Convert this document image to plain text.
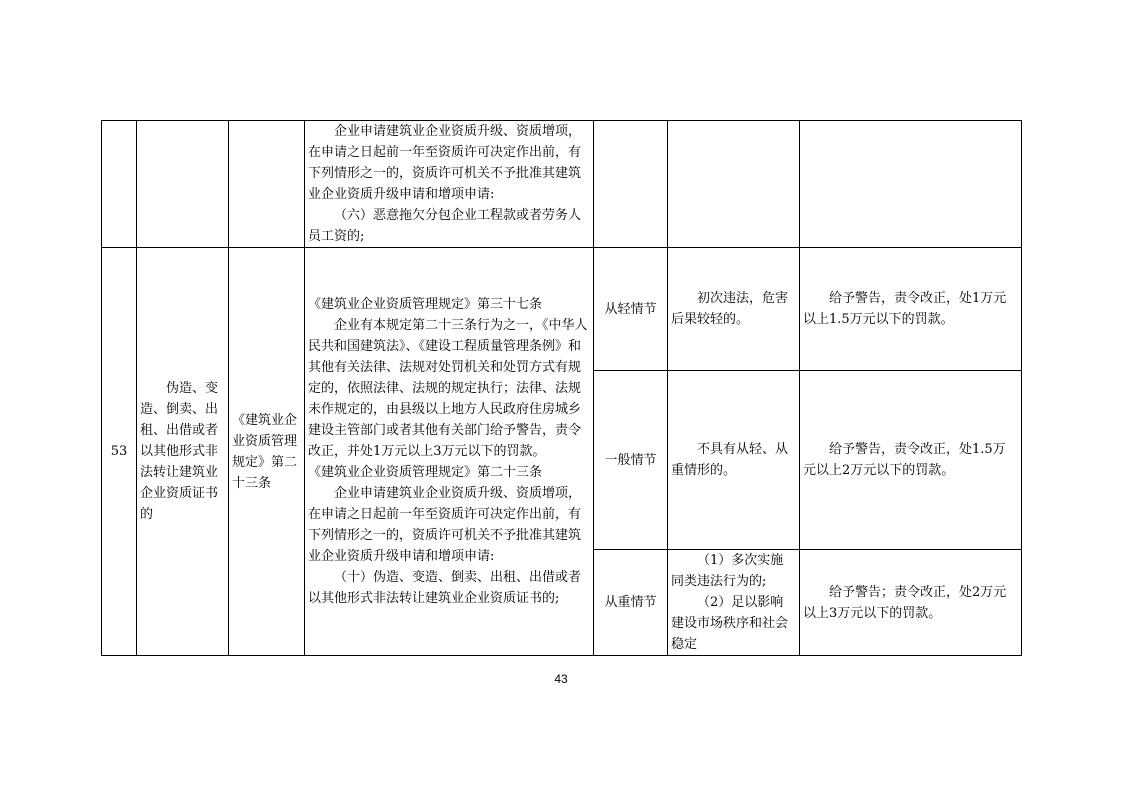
			企业申请建筑业企业资质升级、资质增项，在申请之日起前一年至资质许可决定作出前，有下列情形之一的，资质许可机关不予批准其建筑业企业资质升级申请和增项申请:
（六）恶意拖欠分包企业工程款或者劳务人员工资的;			

53	伪造、变造、倒卖、出租、出借或者以其他形式非法转让建筑业企业资质证书的	《建筑业企业资质管理规定》第二十三条	《建筑业企业资质管理规定》第三十七条
企业有本规定第二十三条行为之一，《中华人民共和国建筑法》、《建设工程质量管理条例》和其他有关法律、法规对处罚机关和处罚方式有规定的，依照法律、法规的规定执行；法律、法规未作规定的，由县级以上地方人民政府住房城乡建设主管部门或者其他有关部门给予警告，责令改正，并处1万元以上3万元以下的罚款。
《建筑业企业资质管理规定》第二十三条
企业申请建筑业企业资质升级、资质增项，在申请之日起前一年至资质许可决定作出前，有下列情形之一的，资质许可机关不予批准其建筑业企业资质升级申请和增项申请:
（十）伪造、变造、倒卖、出租、出借或者以其他形式非法转让建筑业企业资质证书的;	从轻情节	初次违法，危害后果较轻的。	给予警告，责令改正，处1万元以上1.5万元以下的罚款。
				一般情节	不具有从轻、从重情形的。	给予警告，责令改正，处1.5万元以上2万元以下的罚款。
				从重情节	（1）多次实施同类违法行为的;
（2）足以影响建设市场秩序和社会稳定	给予警告；责令改正，处2万元以上3万元以下的罚款。
43
